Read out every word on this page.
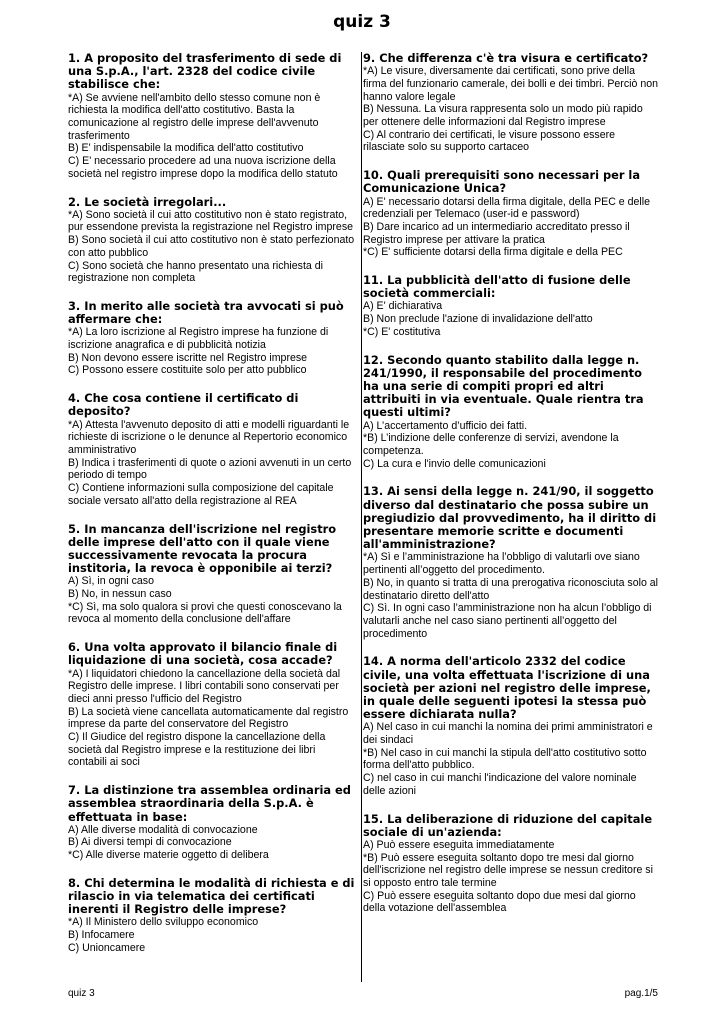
quiz 3

1. A proposito del trasferimento di sede di una S.p.A., l'art. 2328 del codice civile stabilisce che:

*A) Se avviene nell'ambito dello stesso comune non è richiesta la modifica dell'atto costitutivo. Basta la comunicazione al registro delle imprese dell'avvenuto trasferimento

B) E' indispensabile la modifica dell'atto costitutivo

C) E' necessario procedere ad una nuova iscrizione della società nel registro imprese dopo la modifica dello statuto

2. Le società irregolari...

*A) Sono società il cui atto costitutivo non è stato registrato, pur essendone prevista la registrazione nel Registro imprese

B) Sono società il cui atto costitutivo non è stato perfezionato con atto pubblico

C) Sono società che hanno presentato una richiesta di registrazione non completa

3. In merito alle società tra avvocati si può affermare che:

*A) La loro iscrizione al Registro imprese ha funzione di iscrizione anagrafica e di pubblicità notizia

B) Non devono essere iscritte nel Registro imprese

C) Possono essere costituite solo per atto pubblico

4. Che cosa contiene il certificato di deposito?

*A) Attesta l'avvenuto deposito di atti e modelli riguardanti le richieste di iscrizione o le denunce al Repertorio economico amministrativo

B) Indica i trasferimenti di quote o azioni avvenuti in un certo periodo di tempo

C) Contiene informazioni sulla composizione del capitale sociale versato all'atto della registrazione al REA

5. In mancanza dell'iscrizione nel registro delle imprese dell'atto con il quale viene successivamente revocata la procura institoria, la revoca è opponibile ai terzi?

A) Sì, in ogni caso

B) No, in nessun caso

*C) Sì, ma solo qualora si provi che questi conoscevano la revoca al momento della conclusione dell'affare

6. Una volta approvato il bilancio finale di liquidazione di una società, cosa accade?

*A) I liquidatori chiedono la cancellazione della società dal Registro delle imprese. I libri contabili sono conservati per dieci anni presso l'ufficio del Registro

B) La società viene cancellata automaticamente dal registro imprese da parte del conservatore del Registro

C) Il Giudice del registro dispone la cancellazione della società dal Registro imprese e la restituzione dei libri contabili ai soci

7. La distinzione tra assemblea ordinaria ed assemblea straordinaria della S.p.A. è effettuata in base:

A) Alle diverse modalità di convocazione

B) Ai diversi tempi di convocazione

*C) Alle diverse materie oggetto di delibera

8. Chi determina le modalità di richiesta e di rilascio in via telematica dei certificati inerenti il Registro delle imprese?

*A) Il Ministero dello sviluppo economico

B) Infocamere

C) Unioncamere

9. Che differenza c'è tra visura e certificato?

*A) Le visure, diversamente dai certificati, sono prive della firma del funzionario camerale, dei bolli e dei timbri. Perciò non hanno valore legale

B) Nessuna. La visura rappresenta solo un modo più rapido per ottenere delle informazioni dal Registro imprese

C) Al contrario dei certificati, le visure possono essere rilasciate solo su supporto cartaceo

10. Quali prerequisiti sono necessari per la Comunicazione Unica?

A) E' necessario dotarsi della firma digitale, della PEC e delle credenziali per Telemaco (user-id e password)

B) Dare incarico ad un intermediario accreditato presso il Registro imprese per attivare la pratica

*C) E' sufficiente dotarsi della firma digitale e della PEC

11. La pubblicità dell'atto di fusione delle società commerciali:

A) E' dichiarativa

B) Non preclude l'azione di invalidazione dell'atto

*C) E' costitutiva

12. Secondo quanto stabilito dalla legge n. 241/1990, il responsabile del procedimento ha una serie di compiti propri ed altri attribuiti in via eventuale. Quale rientra tra questi ultimi?

A) L’accertamento d’ufficio dei fatti.

*B) L’indizione delle conferenze di servizi, avendone la competenza.

C) La cura e l'invio delle comunicazioni

13. Ai sensi della legge n. 241/90, il soggetto diverso dal destinatario che possa subire un pregiudizio dal provvedimento, ha il diritto di presentare memorie scritte e documenti all'amministrazione?

*A) Sì e l’amministrazione ha l’obbligo di valutarli ove siano pertinenti all’oggetto del procedimento.

B) No, in quanto si tratta di una prerogativa riconosciuta solo al destinatario diretto dell'atto

C) Sì. In ogni caso l’amministrazione non ha alcun l’obbligo di valutarli anche nel caso siano pertinenti all’oggetto del procedimento

14. A norma dell'articolo 2332 del codice civile, una volta effettuata l'iscrizione di una società per azioni nel registro delle imprese, in quale delle seguenti ipotesi la stessa può essere dichiarata nulla?

A) Nel caso in cui manchi la nomina dei primi amministratori e dei sindaci

*B) Nel caso in cui manchi la stipula dell'atto costitutivo sotto forma dell'atto pubblico.

C) nel caso in cui manchi l'indicazione del valore nominale delle azioni

15. La deliberazione di riduzione del capitale sociale di un'azienda:

A) Può essere eseguita immediatamente

*B) Può essere eseguita soltanto dopo tre mesi dal giorno dell'iscrizione nel registro delle imprese se nessun creditore si si opposto entro tale termine

C) Può essere eseguita soltanto dopo due mesi dal giorno della votazione dell'assemblea

quiz 3	pag.1/5
